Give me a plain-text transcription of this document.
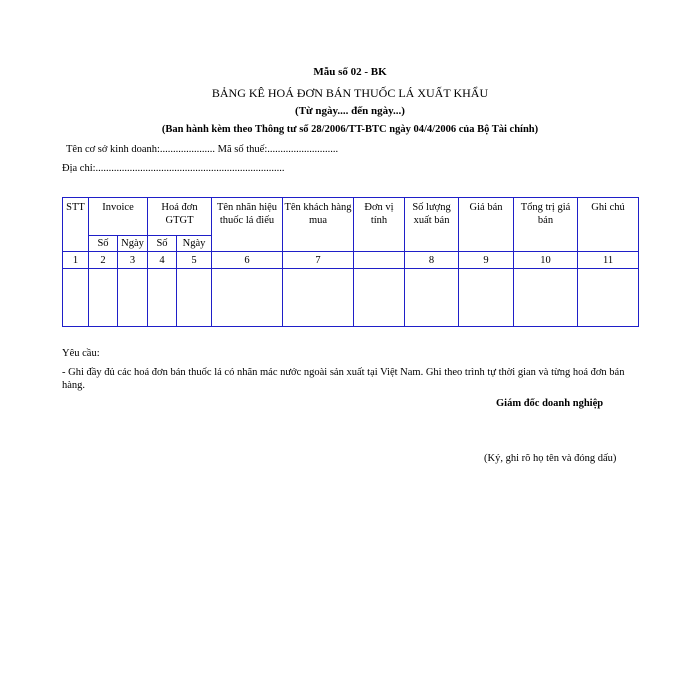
Mẫu số 02 - BK
BẢNG KÊ HOÁ ĐƠN BÁN THUỐC LÁ XUẤT KHẨU
(Từ ngày.... đến ngày...)
(Ban hành kèm theo Thông tư số 28/2006/TT-BTC ngày 04/4/2006 của Bộ Tài chính)
Tên cơ sở kinh doanh:..................... Mã số thuế:...........................
Địa chỉ:........................................................................
STT	Invoice		Hoá đơn GTGT		Tên nhãn hiệu thuốc lá điếu	Tên khách hàng mua	Đơn vị tính	Số lượng xuất bán	Giá bán	Tổng trị giá bán	Ghi chú
	Số	Ngày	Số	Ngày							
1	2	3	4	5	6	7		8	9	10	11

Yêu cầu:
- Ghi đầy đủ các hoá đơn bán thuốc lá có nhãn mác nước ngoài sản xuất tại Việt Nam. Ghi theo trình tự thời gian và từng hoá đơn bán hàng.
Giám đốc doanh nghiệp
(Ký, ghi rõ họ tên và đóng dấu)
